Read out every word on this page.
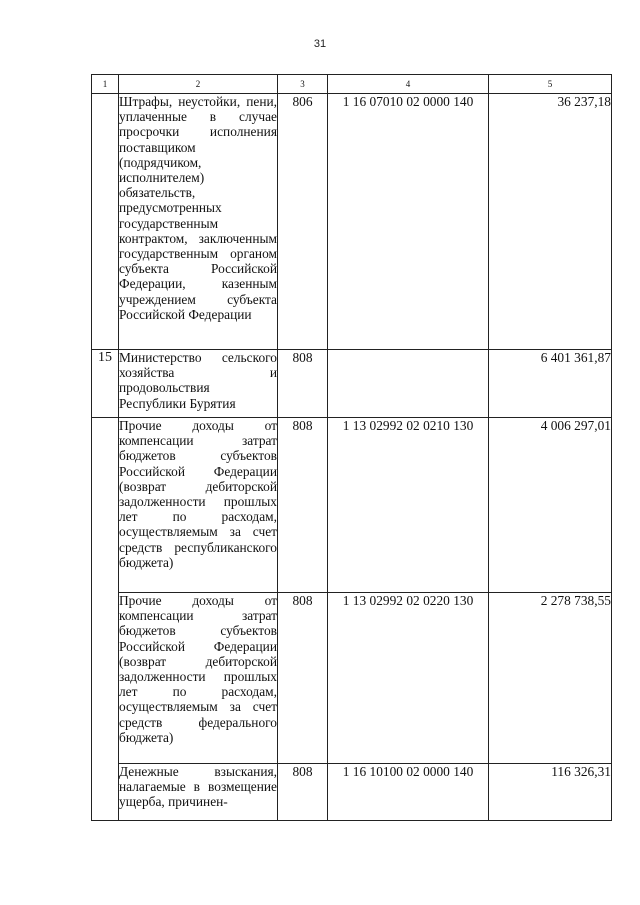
31
1	2	3	4	5
	Штрафы, неустойки, пени, уплаченные в случае просрочки исполнения поставщиком (подрядчиком, исполнителем) обязательств, предусмотренных государственным контрактом, заключенным государственным органом субъекта Российской Федерации, казенным учреждением субъекта Российской Федерации	806	1 16 07010 02 0000 140	36 237,18
15	Министерство сельского хозяйства и продовольствия Республики Бурятия	808		6 401 361,87
	Прочие доходы от компенсации затрат бюджетов субъектов Российской Федерации (возврат дебиторской задолженности прошлых лет по расходам, осуществляемым за счет средств республиканского бюджета)	808	1 13 02992 02 0210 130	4 006 297,01
	Прочие доходы от компенсации затрат бюджетов субъектов Российской Федерации (возврат дебиторской задолженности прошлых лет по расходам, осуществляемым за счет средств федерального бюджета)	808	1 13 02992 02 0220 130	2 278 738,55
	Денежные взыскания, налагаемые в возмещение ущерба, причинен-	808	1 16 10100 02 0000 140	116 326,31
